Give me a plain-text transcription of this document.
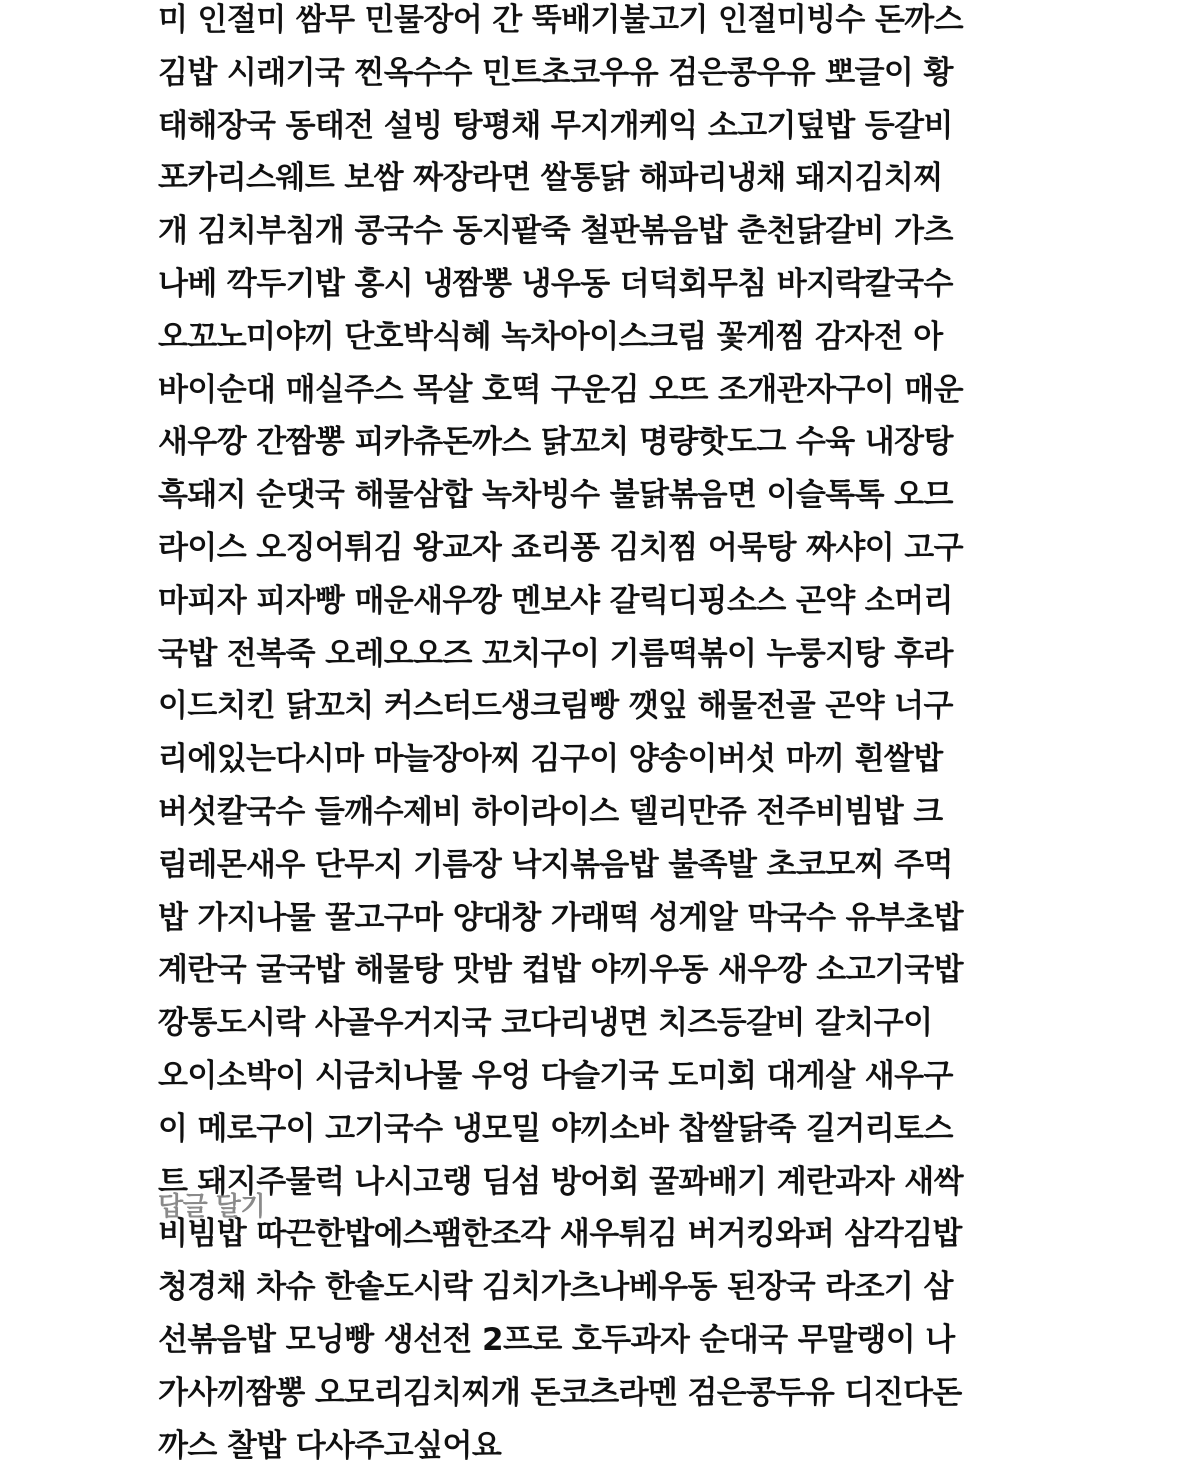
미 인절미 쌈무 민물장어 간 뚝배기불고기 인절미빙수 돈까스
김밥 시래기국 찐옥수수 민트초코우유 검은콩우유 뽀글이 황
태해장국 동태전 설빙 탕평채 무지개케익 소고기덮밥 등갈비
포카리스웨트 보쌈 짜장라면 쌀통닭 해파리냉채 돼지김치찌
개 김치부침개 콩국수 동지팥죽 철판볶음밥 춘천닭갈비 가츠
나베 깍두기밥 홍시 냉짬뽕 냉우동 더덕회무침 바지락칼국수
오꼬노미야끼 단호박식혜 녹차아이스크림 꽃게찜 감자전 아
바이순대 매실주스 목살 호떡 구운김 오뜨 조개관자구이 매운
새우깡 간짬뽕 피카츄돈까스 닭꼬치 명량핫도그 수육 내장탕
흑돼지 순댓국 해물삼합 녹차빙수 불닭볶음면 이슬톡톡 오므
라이스 오징어튀김 왕교자 죠리퐁 김치찜 어묵탕 짜샤이 고구
마피자 피자빵 매운새우깡 멘보샤 갈릭디핑소스 곤약 소머리
국밥 전복죽 오레오오즈 꼬치구이 기름떡볶이 누룽지탕 후라
이드치킨 닭꼬치 커스터드생크림빵 깻잎 해물전골 곤약 너구
리에있는다시마 마늘장아찌 김구이 양송이버섯 마끼 흰쌀밥
버섯칼국수 들깨수제비 하이라이스 델리만쥬 전주비빔밥 크
림레몬새우 단무지 기름장 낙지볶음밥 불족발 초코모찌 주먹
밥 가지나물 꿀고구마 양대창 가래떡 성게알 막국수 유부초밥
계란국 굴국밥 해물탕 맛밤 컵밥 야끼우동 새우깡 소고기국밥
깡통도시락 사골우거지국 코다리냉면 치즈등갈비 갈치구이
오이소박이 시금치나물 우엉 다슬기국 도미회 대게살 새우구
이 메로구이 고기국수 냉모밀 야끼소바 찹쌀닭죽 길거리토스
트 돼지주물럭 나시고랭 딤섬 방어회 꿀꽈배기 계란과자 새싹
비빔밥 따끈한밥에스팸한조각 새우튀김 버거킹와퍼 삼각김밥
청경채 차슈 한솥도시락 김치가츠나베우동 된장국 라조기 삼
선볶음밥 모닝빵 생선전 2프로 호두과자 순대국 무말랭이 나
가사끼짬뽕 오모리김치찌개 돈코츠라멘 검은콩두유 디진다돈
까스 찰밥 다사주고싶어요
답글 달기
